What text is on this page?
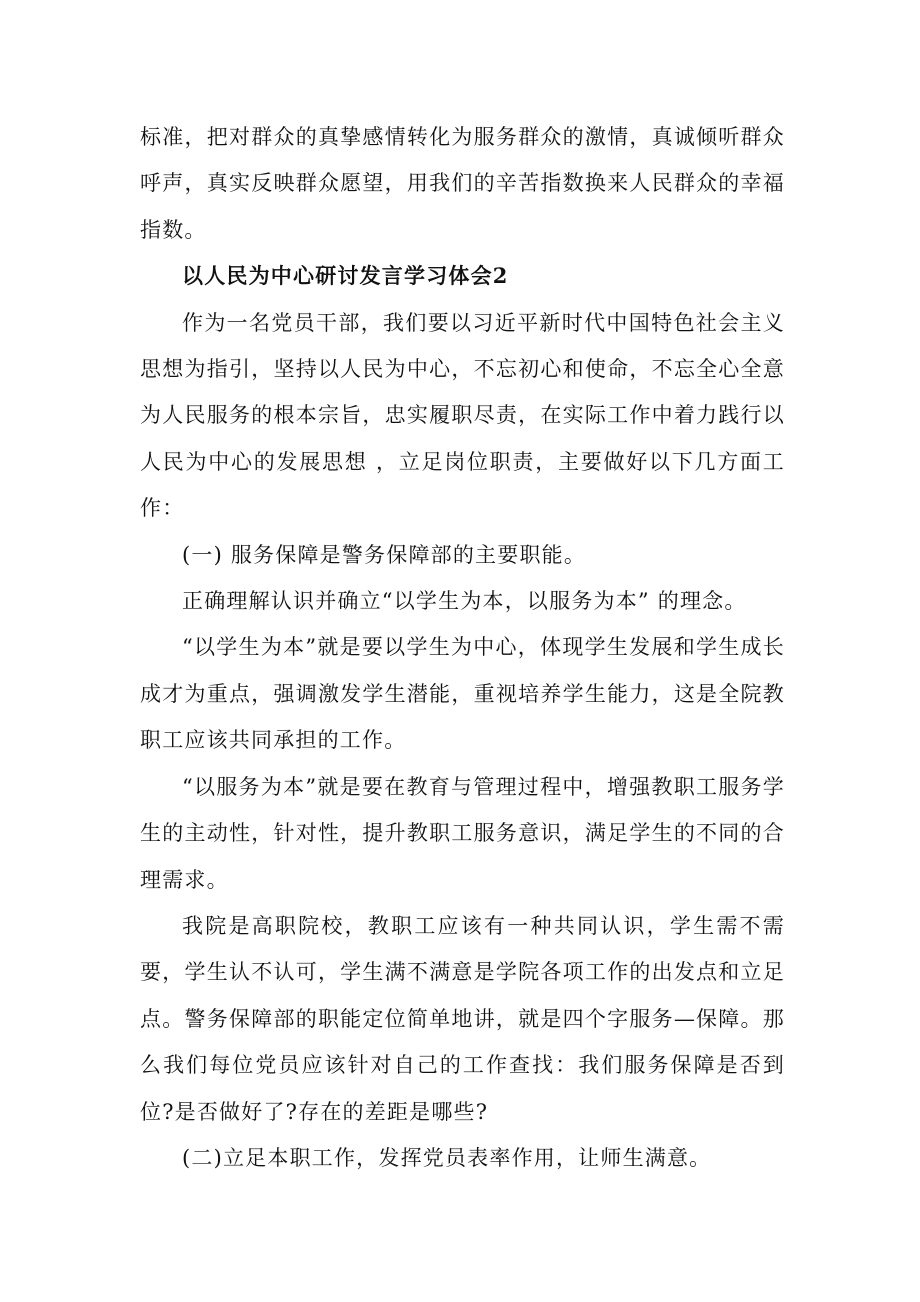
标准，把对群众的真挚感情转化为服务群众的激情，真诚倾听群众呼声，真实反映群众愿望，用我们的辛苦指数换来人民群众的幸福指数。

以人民为中心研讨发言学习体会2

作为一名党员干部，我们要以习近平新时代中国特色社会主义思想为指引，坚持以人民为中心，不忘初心和使命，不忘全心全意为人民服务的根本宗旨，忠实履职尽责，在实际工作中着力践行以人民为中心的发展思想 ，立足岗位职责，主要做好以下几方面工作：

(一) 服务保障是警务保障部的主要职能。

正确理解认识并确立“以学生为本，以服务为本” 的理念。

“以学生为本”就是要以学生为中心，体现学生发展和学生成长成才为重点，强调激发学生潜能，重视培养学生能力，这是全院教职工应该共同承担的工作。

“以服务为本”就是要在教育与管理过程中，增强教职工服务学生的主动性，针对性，提升教职工服务意识，满足学生的不同的合理需求。

我院是高职院校，教职工应该有一种共同认识，学生需不需要，学生认不认可，学生满不满意是学院各项工作的出发点和立足点。警务保障部的职能定位简单地讲，就是四个字服务—保障。那么我们每位党员应该针对自己的工作查找：我们服务保障是否到位?是否做好了?存在的差距是哪些?

(二)立足本职工作，发挥党员表率作用，让师生满意。
